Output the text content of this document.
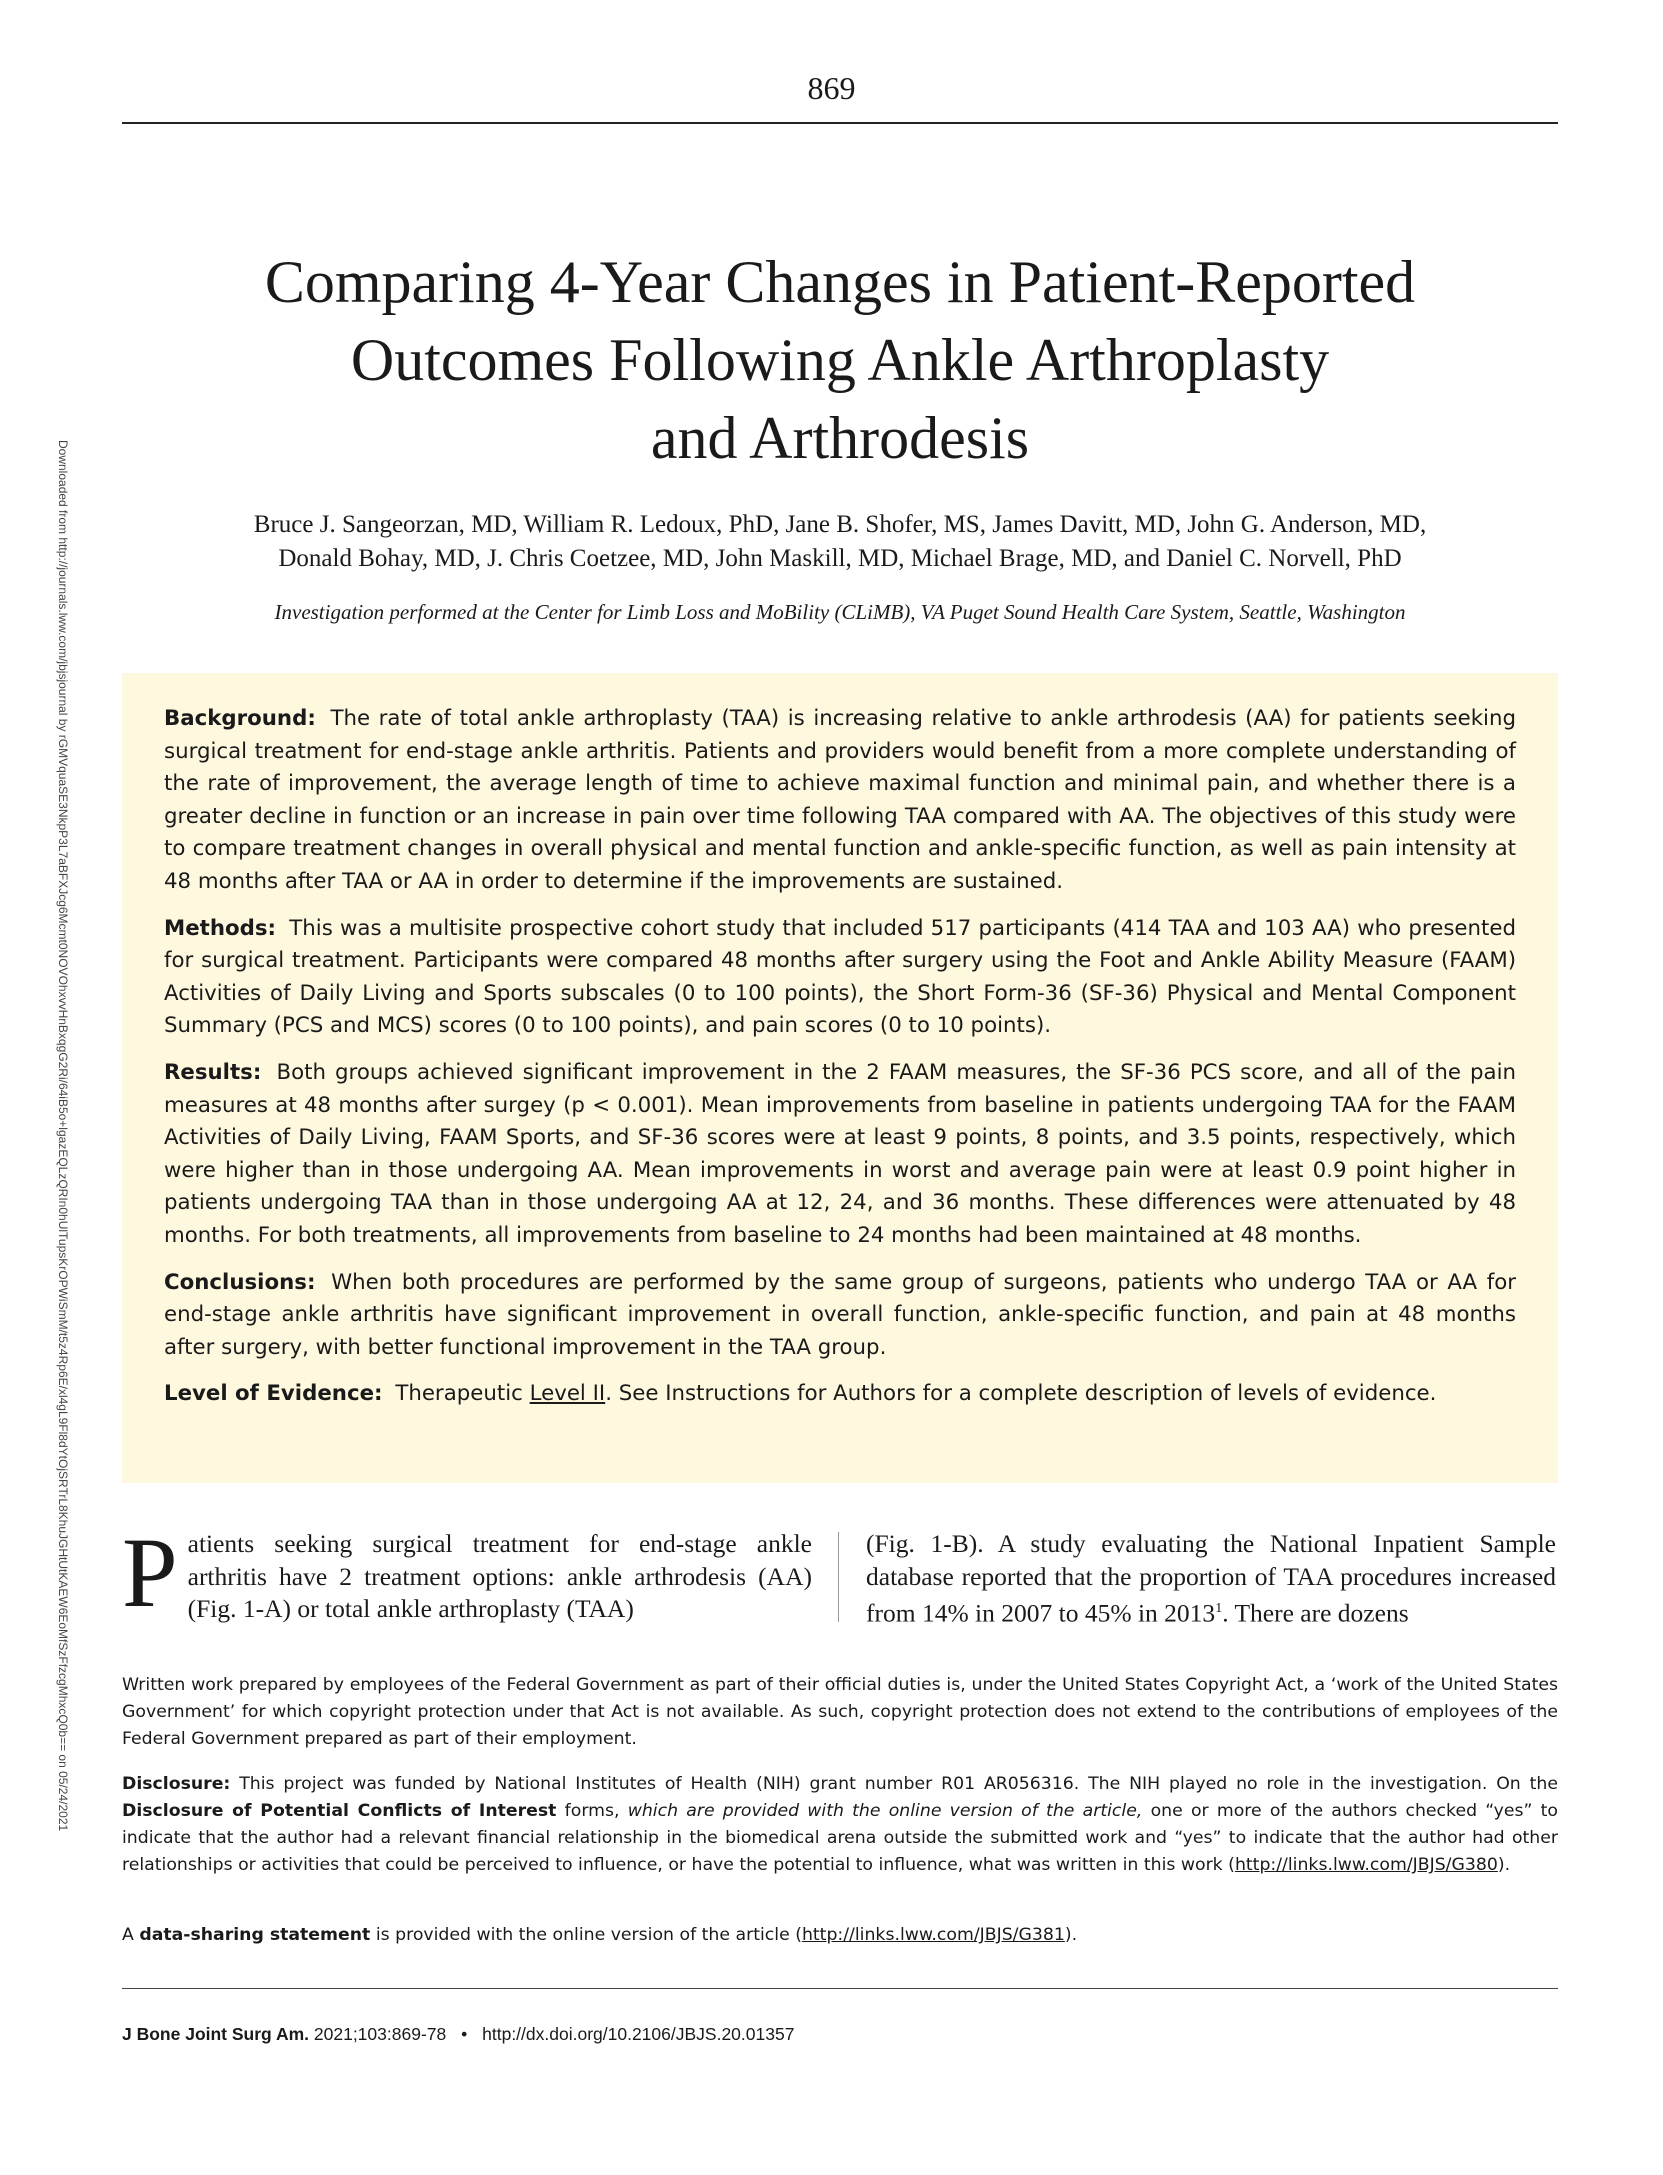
869
Downloaded from http://journals.lww.com/jbjsjournal by rGMVquaSE3NkpP3L7aBFXJcg6Mcmt0NOVOhxvvHnBxqgG2Ri/64iB5o+lgazEQLzQRIn0hUlTupsKrOPWiSmM/t5z4Rp6E/xl4gL9Fl8dYtOjSRTrL8KhuJGHtUtKAEW6EoMfSzFfzcgMhxcQ0b== on 05/24/2021
Comparing 4-Year Changes in Patient-Reported
Outcomes Following Ankle Arthroplasty
and Arthrodesis
Bruce J. Sangeorzan, MD, William R. Ledoux, PhD, Jane B. Shofer, MS, James Davitt, MD, John G. Anderson, MD,
Donald Bohay, MD, J. Chris Coetzee, MD, John Maskill, MD, Michael Brage, MD, and Daniel C. Norvell, PhD
Investigation performed at the Center for Limb Loss and MoBility (CLiMB), VA Puget Sound Health Care System, Seattle, Washington

Background: The rate of total ankle arthroplasty (TAA) is increasing relative to ankle arthrodesis (AA) for patients seeking surgical treatment for end-stage ankle arthritis. Patients and providers would benefit from a more complete understanding of the rate of improvement, the average length of time to achieve maximal function and minimal pain, and whether there is a greater decline in function or an increase in pain over time following TAA compared with AA. The objectives of this study were to compare treatment changes in overall physical and mental function and ankle-specific function, as well as pain intensity at 48 months after TAA or AA in order to determine if the improvements are sustained.

Methods: This was a multisite prospective cohort study that included 517 participants (414 TAA and 103 AA) who presented for surgical treatment. Participants were compared 48 months after surgery using the Foot and Ankle Ability Measure (FAAM) Activities of Daily Living and Sports subscales (0 to 100 points), the Short Form-36 (SF-36) Physical and Mental Component Summary (PCS and MCS) scores (0 to 100 points), and pain scores (0 to 10 points).

Results: Both groups achieved significant improvement in the 2 FAAM measures, the SF-36 PCS score, and all of the pain measures at 48 months after surgey (p < 0.001). Mean improvements from baseline in patients undergoing TAA for the FAAM Activities of Daily Living, FAAM Sports, and SF-36 scores were at least 9 points, 8 points, and 3.5 points, respectively, which were higher than in those undergoing AA. Mean improvements in worst and average pain were at least 0.9 point higher in patients undergoing TAA than in those undergoing AA at 12, 24, and 36 months. These differences were attenuated by 48 months. For both treatments, all improvements from baseline to 24 months had been maintained at 48 months.

Conclusions: When both procedures are performed by the same group of surgeons, patients who undergo TAA or AA for end-stage ankle arthritis have significant improvement in overall function, ankle-specific function, and pain at 48 months after surgery, with better functional improvement in the TAA group.

Level of Evidence: Therapeutic Level II. See Instructions for Authors for a complete description of levels of evidence.

P atients seeking surgical treatment for end-stage ankle arthritis have 2 treatment options: ankle arthrodesis (AA) (Fig. 1-A) or total ankle arthroplasty (TAA)
(Fig. 1-B). A study evaluating the National Inpatient Sample database reported that the proportion of TAA procedures increased from 14% in 2007 to 45% in 2013$^1$. There are dozens

Written work prepared by employees of the Federal Government as part of their official duties is, under the United States Copyright Act, a ‘work of the United States Government’ for which copyright protection under that Act is not available. As such, copyright protection does not extend to the contributions of employees of the Federal Government prepared as part of their employment.

Disclosure: This project was funded by National Institutes of Health (NIH) grant number R01 AR056316. The NIH played no role in the investigation. On the Disclosure of Potential Conflicts of Interest forms, which are provided with the online version of the article, one or more of the authors checked “yes” to indicate that the author had a relevant financial relationship in the biomedical arena outside the submitted work and “yes” to indicate that the author had other relationships or activities that could be perceived to influence, or have the potential to influence, what was written in this work (http://links.lww.com/JBJS/G380).

A data-sharing statement is provided with the online version of the article (http://links.lww.com/JBJS/G381).

J Bone Joint Surg Am. 2021;103:869-78 • http://dx.doi.org/10.2106/JBJS.20.01357
